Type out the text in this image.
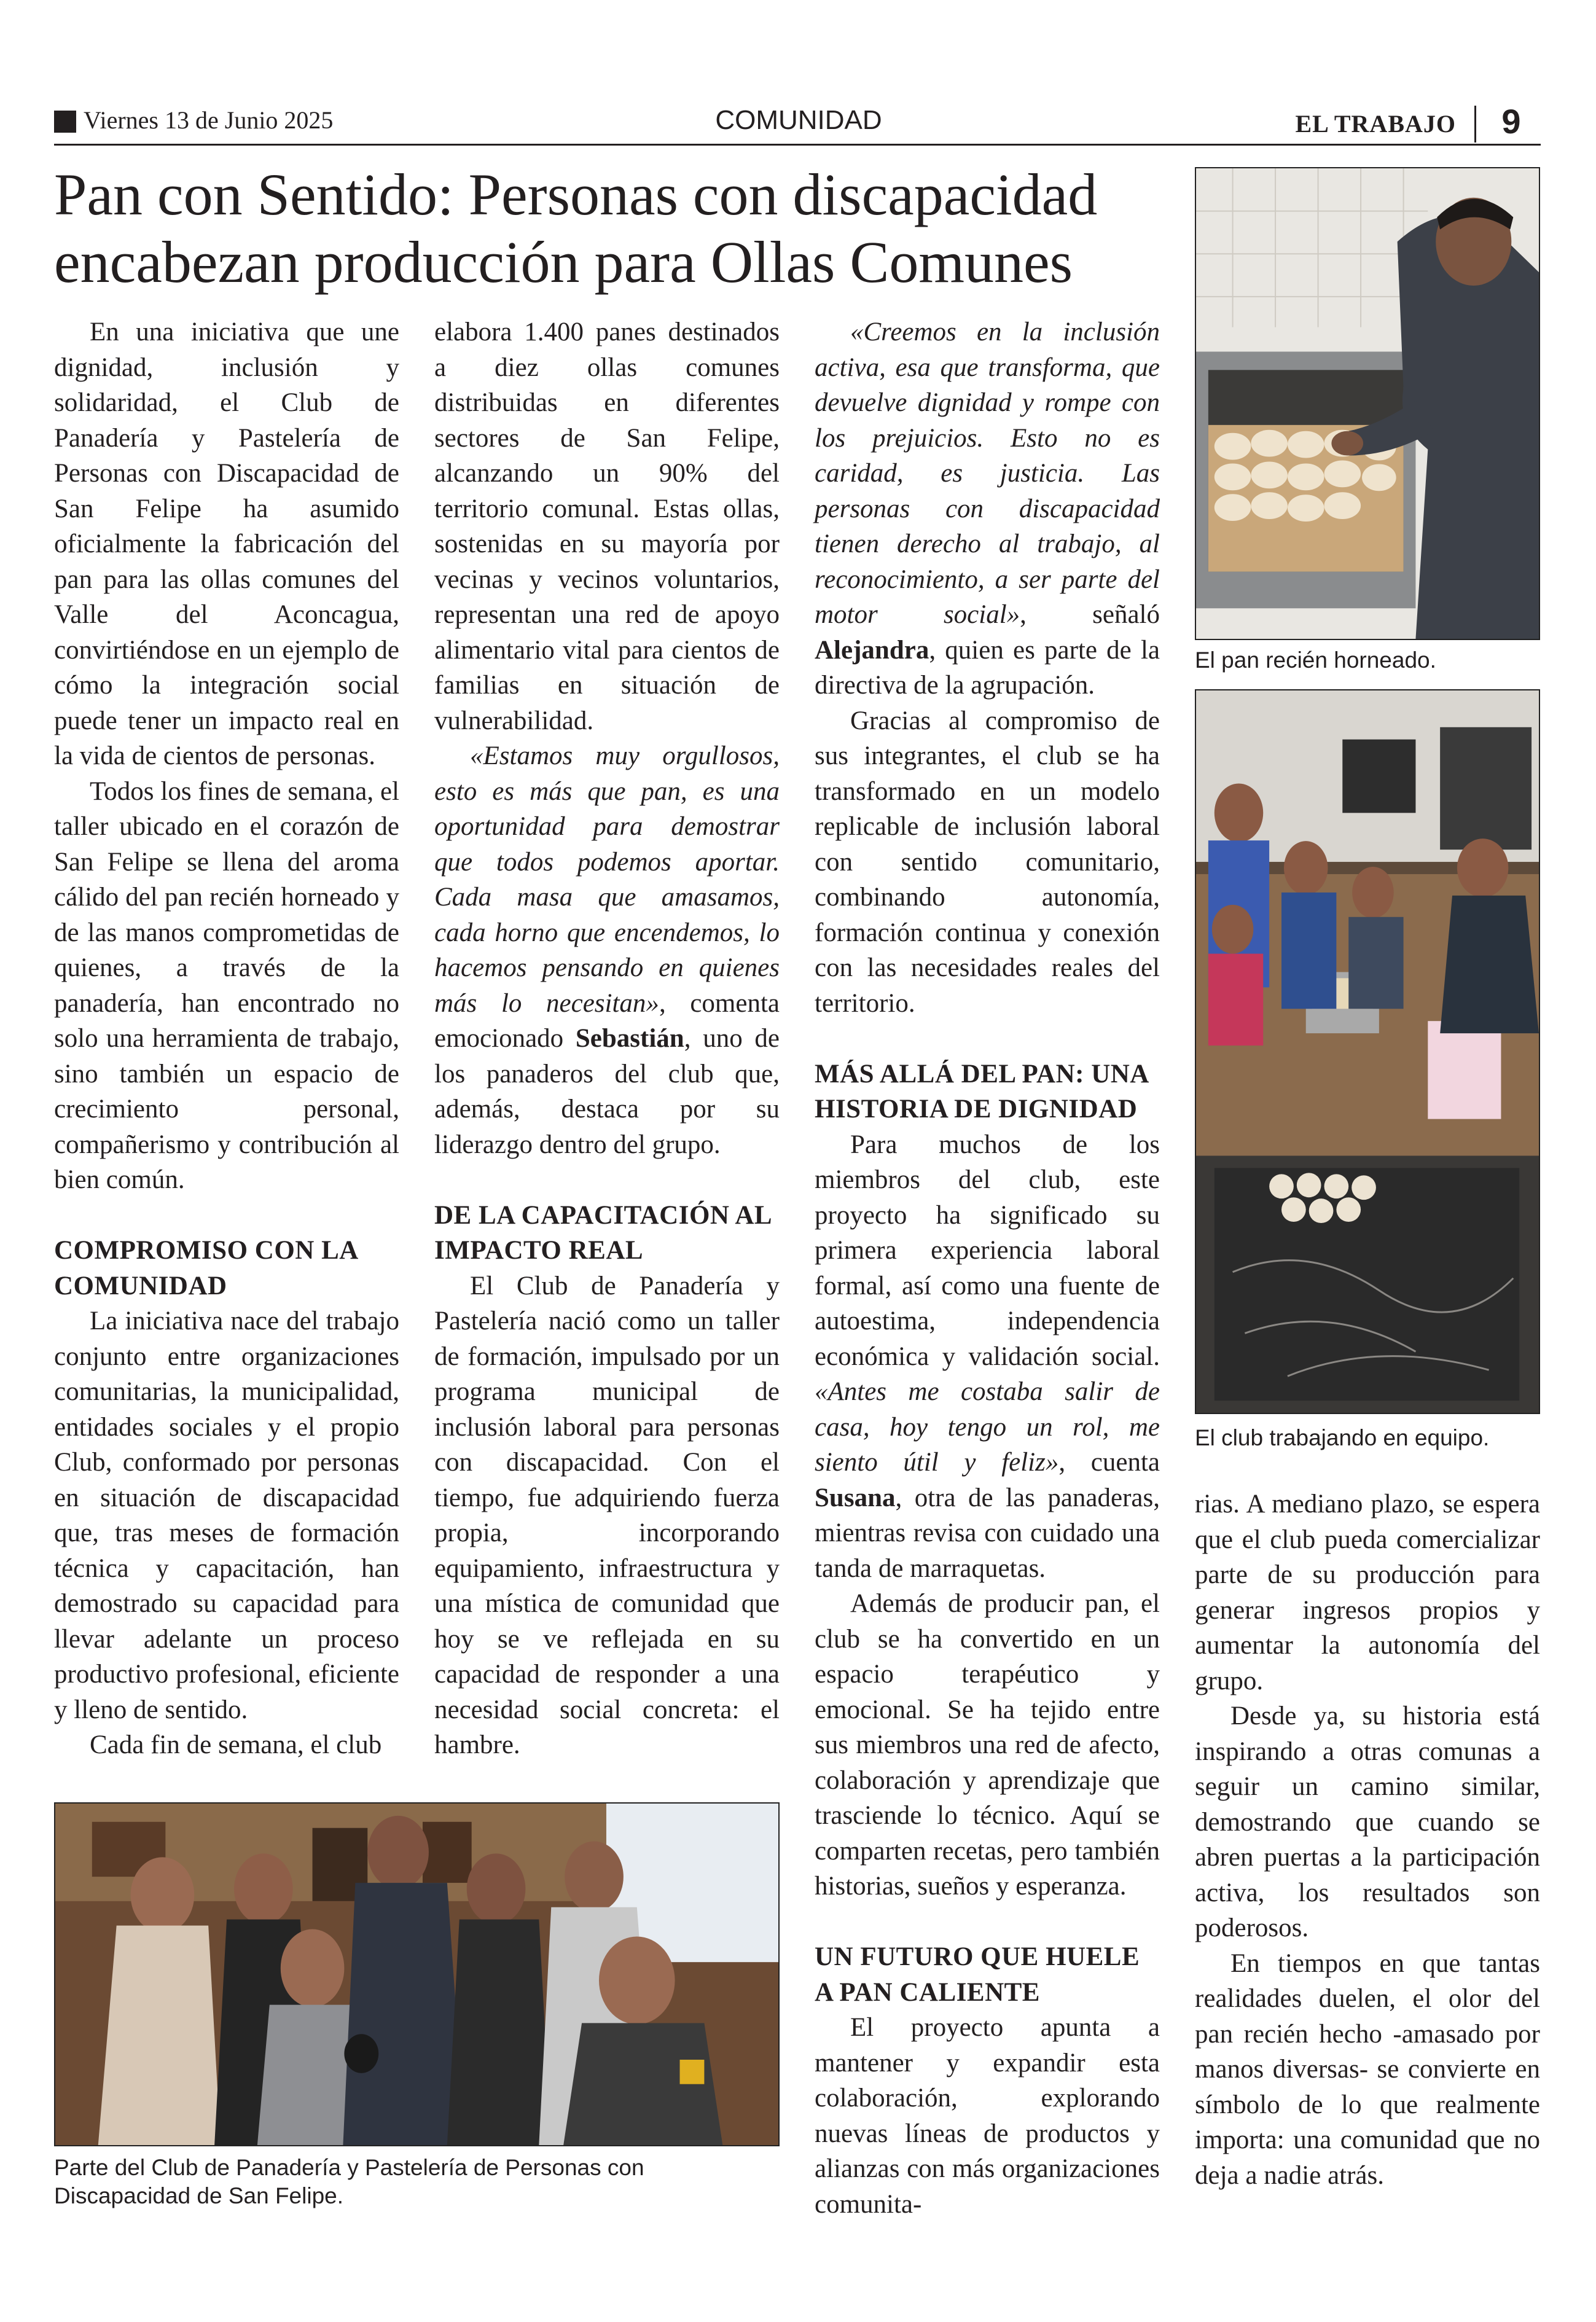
Viernes 13 de Junio 2025	COMUNIDAD	EL TRABAJO	9
Pan con Sentido: Personas con discapacidad encabezan producción para Ollas Comunes

En una iniciativa que une dignidad, inclusión y solidaridad, el Club de Panadería y Pastelería de Personas con Discapacidad de San Felipe ha asumido oficialmente la fabricación del pan para las ollas comunes del Valle del Aconcagua, convirtiéndose en un ejemplo de cómo la integración social puede tener un impacto real en la vida de cientos de personas.

Todos los fines de semana, el taller ubicado en el corazón de San Felipe se llena del aroma cálido del pan recién horneado y de las manos comprometidas de quienes, a través de la panadería, han encontrado no solo una herramienta de trabajo, sino también un espacio de crecimiento personal, compañerismo y contribución al bien común.

COMPROMISO CON LA COMUNIDAD

La iniciativa nace del trabajo conjunto entre organizaciones comunitarias, la municipalidad, entidades sociales y el propio Club, conformado por personas en situación de discapacidad que, tras meses de formación técnica y capacitación, han demostrado su capacidad para llevar adelante un proceso productivo profesional, eficiente y lleno de sentido.

Cada fin de semana, el club

elabora 1.400 panes destinados a diez ollas comunes distribuidas en diferentes sectores de San Felipe, alcanzando un 90% del territorio comunal. Estas ollas, sostenidas en su mayoría por vecinas y vecinos voluntarios, representan una red de apoyo alimentario vital para cientos de familias en situación de vulnerabilidad.

«Estamos muy orgullosos, esto es más que pan, es una oportunidad para demostrar que todos podemos aportar. Cada masa que amasamos, cada horno que encendemos, lo hacemos pensando en quienes más lo necesitan», comenta emocionado Sebastián, uno de los panaderos del club que, además, destaca por su liderazgo dentro del grupo.

DE LA CAPACITACIÓN AL IMPACTO REAL

El Club de Panadería y Pastelería nació como un taller de formación, impulsado por un programa municipal de inclusión laboral para personas con discapacidad. Con el tiempo, fue adquiriendo fuerza propia, incorporando equipamiento, infraestructura y una mística de comunidad que hoy se ve reflejada en su capacidad de responder a una necesidad social concreta: el hambre.

«Creemos en la inclusión activa, esa que transforma, que devuelve dignidad y rompe con los prejuicios. Esto no es caridad, es justicia. Las personas con discapacidad tienen derecho al trabajo, al reconocimiento, a ser parte del motor social», señaló Alejandra, quien es parte de la directiva de la agrupación.

Gracias al compromiso de sus integrantes, el club se ha transformado en un modelo replicable de inclusión laboral con sentido comunitario, combinando autonomía, formación continua y conexión con las necesidades reales del territorio.

MÁS ALLÁ DEL PAN: UNA HISTORIA DE DIGNIDAD

Para muchos de los miembros del club, este proyecto ha significado su primera experiencia laboral formal, así como una fuente de autoestima, independencia económica y validación social. «Antes me costaba salir de casa, hoy tengo un rol, me siento útil y feliz», cuenta Susana, otra de las panaderas, mientras revisa con cuidado una tanda de marraquetas.

Además de producir pan, el club se ha convertido en un espacio terapéutico y emocional. Se ha tejido entre sus miembros una red de afecto, colaboración y aprendizaje que trasciende lo técnico. Aquí se comparten recetas, pero también historias, sueños y esperanza.

UN FUTURO QUE HUELE A PAN CALIENTE

El proyecto apunta a mantener y expandir esta colaboración, explorando nuevas líneas de productos y alianzas con más organizaciones comunita-

rias. A mediano plazo, se espera que el club pueda comercializar parte de su producción para generar ingresos propios y aumentar la autonomía del grupo.

Desde ya, su historia está inspirando a otras comunas a seguir un camino similar, demostrando que cuando se abren puertas a la participación activa, los resultados son poderosos.

En tiempos en que tantas realidades duelen, el olor del pan recién hecho -amasado por manos diversas- se convierte en símbolo de lo que realmente importa: una comunidad que no deja a nadie atrás.

El pan recién horneado.
El club trabajando en equipo.
Parte del Club de Panadería y Pastelería de Personas con Discapacidad de San Felipe.
